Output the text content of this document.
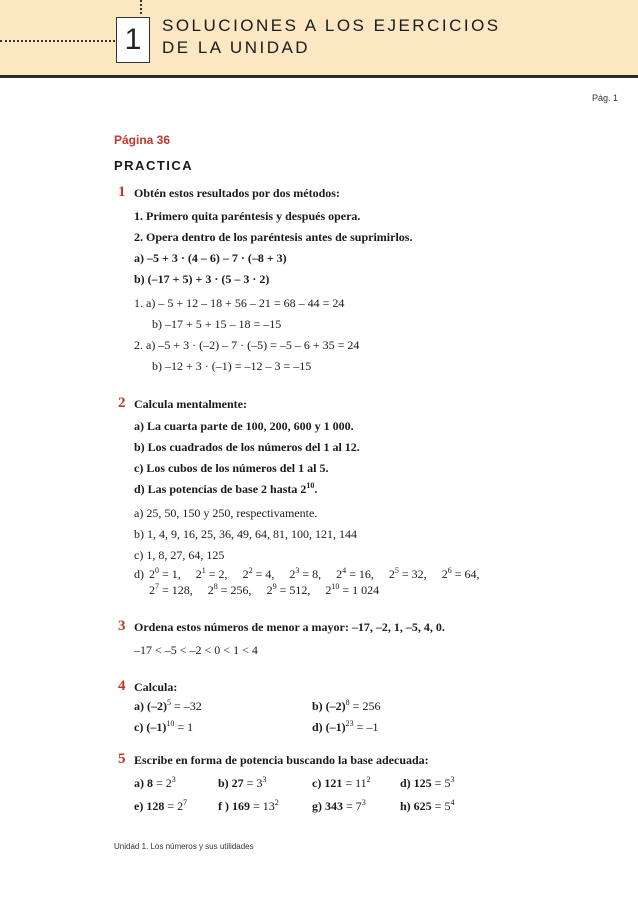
1	SOLUCIONES A LOS EJERCICIOS
DE LA UNIDAD
Pág. 1
Página 36
PRACTICA
1 Obtén estos resultados por dos métodos:
1. Primero quita paréntesis y después opera.
2. Opera dentro de los paréntesis antes de suprimirlos.
a) –5 + 3 · (4 – 6) – 7 · (–8 + 3)
b) (–17 + 5) + 3 · (5 – 3 · 2)
1. a) – 5 + 12 – 18 + 56 – 21 = 68 – 44 = 24
b) –17 + 5 + 15 – 18 = –15
2. a) –5 + 3 · (–2) – 7 · (–5) = –5 – 6 + 35 = 24
b) –12 + 3 · (–1) = –12 – 3 = –15
2 Calcula mentalmente:
a) La cuarta parte de 100, 200, 600 y 1 000.
b) Los cuadrados de los números del 1 al 12.
c) Los cubos de los números del 1 al 5.
d) Las potencias de base 2 hasta $2^{10}$.
a) 25, 50, 150 y 250, respectivamente.
b) 1, 4, 9, 16, 25, 36, 49, 64, 81, 100, 121, 144
c) 1, 8, 27, 64, 125
d) $2^0 = 1$, $2^1 = 2$, $2^2 = 4$, $2^3 = 8$, $2^4 = 16$, $2^5 = 32$, $2^6 = 64$,
$2^7 = 128$, $2^8 = 256$, $2^9 = 512$, $2^{10} = 1$ 024
3 Ordena estos números de menor a mayor: –17, –2, 1, –5, 4, 0.
–17 < –5 < –2 < 0 < 1 < 4
4 Calcula:
a) $(-2)^5 = -32$	b) $(-2)^8 = 256$
c) $(-1)^{10} = 1$	d) $(-1)^{23} = -1$
5 Escribe en forma de potencia buscando la base adecuada:
a) $8 = 2^3$	b) $27 = 3^3$	c) $121 = 11^2$ d) $125 = 5^3$
e) $128 = 2^7$	f ) $169 = 13^2$	g) $343 = 7^3$	h) $625 = 5^4$
Unidad 1. Los números y sus utilidades
